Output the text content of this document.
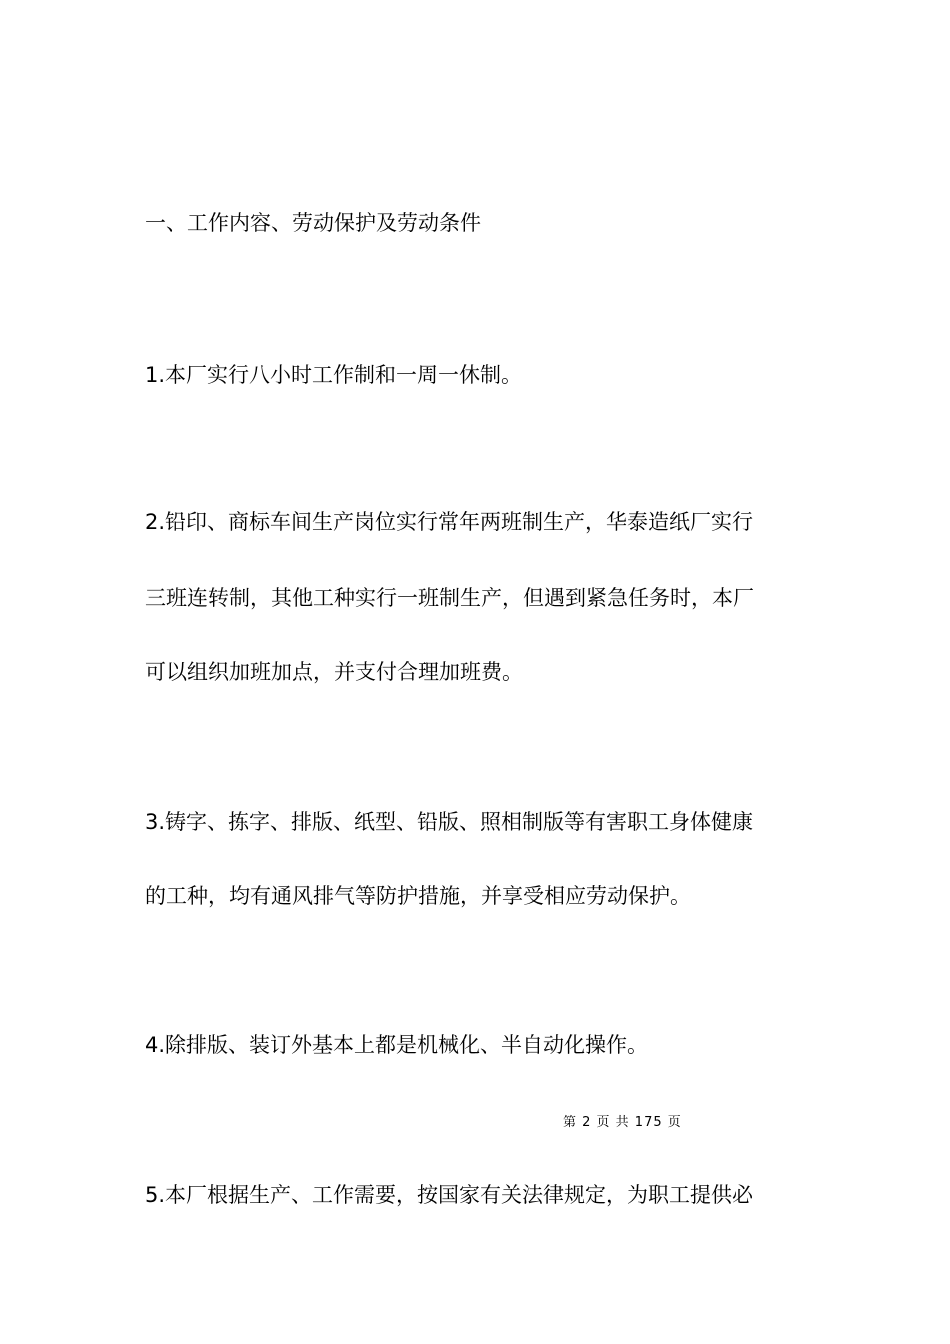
一、工作内容、劳动保护及劳动条件

1.本厂实行八小时工作制和一周一休制。

2.铅印、商标车间生产岗位实行常年两班制生产，华泰造纸厂实行

三班连转制，其他工种实行一班制生产，但遇到紧急任务时，本厂

可以组织加班加点，并支付合理加班费。

3.铸字、拣字、排版、纸型、铅版、照相制版等有害职工身体健康

的工种，均有通风排气等防护措施，并享受相应劳动保护。

4.除排版、装订外基本上都是机械化、半自动化操作。

第 2 页 共 175 页

5.本厂根据生产、工作需要，按国家有关法律规定，为职工提供必
